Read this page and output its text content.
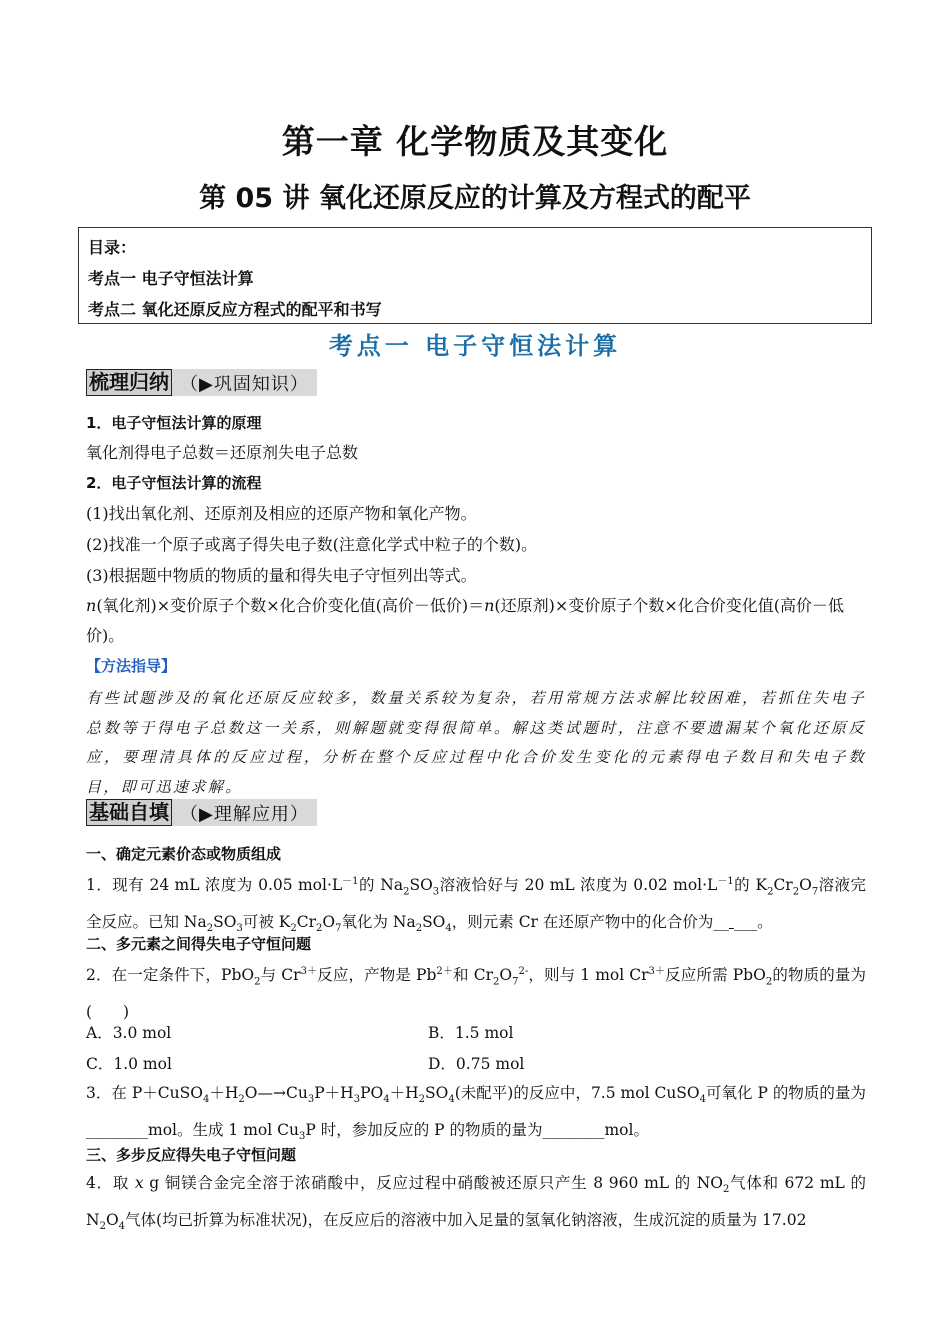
第一章 化学物质及其变化
第 05 讲 氧化还原反应的计算及方程式的配平
目录：
考点一 电子守恒法计算
考点二 氧化还原反应方程式的配平和书写
考点一 电子守恒法计算
梳理归纳 （▶巩固知识）
1．电子守恒法计算的原理
氧化剂得电子总数＝还原剂失电子总数
2．电子守恒法计算的流程
(1)找出氧化剂、还原剂及相应的还原产物和氧化产物。
(2)找准一个原子或离子得失电子数(注意化学式中粒子的个数)。
(3)根据题中物质的物质的量和得失电子守恒列出等式。
n(氧化剂)×变价原子个数×化合价变化值(高价－低价)＝n(还原剂)×变价原子个数×化合价变化值(高价－低
价)。
【方法指导】
有些试题涉及的氧化还原反应较多，数量关系较为复杂，若用常规方法求解比较困难，若抓住失电子总数等于得电子总数这一关系，则解题就变得很简单。解这类试题时，注意不要遗漏某个氧化还原反应，要理清具体的反应过程，分析在整个反应过程中化合价发生变化的元素得电子数目和失电子数目，即可迅速求解。
基础自填 （▶理解应用）
一、确定元素价态或物质组成
1．现有 24 mL 浓度为 0.05 $mol\cdot L^{-1}$的 $Na_2SO_3$溶液恰好与 20 mL 浓度为 0.02 $mol\cdot L^{-1}$的 $K_2Cr_2O_7$溶液完全反应。已知 $Na_2SO_3$可被 $K_2Cr_2O_7$氧化为 $Na_2SO_4$，则元素 Cr 在还原产物中的化合价为__ ___。
二、多元素之间得失电子守恒问题
2．在一定条件下，PbO$_2$与 $Cr^{3+}$反应，产物是 $Pb^{2+}$和 $Cr_2O_7^{2-}$，则与 1 mol $Cr^{3+}$反应所需 PbO$_2$的物质的量为(　　)
A．3.0 mol	B．1.5 mol
C．1.0 mol	D．0.75 mol
3．在 $P+CuSO_4+H_2O—\to Cu_3P+H_3PO_4+H_2SO_4$(未配平)的反应中，7.5 mol CuSO$_4$可氧化 P 的物质的量为________mol。生成 1 mol $Cu_3P$ 时，参加反应的 P 的物质的量为________mol。
三、多步反应得失电子守恒问题
4．取 x g 铜镁合金完全溶于浓硝酸中，反应过程中硝酸被还原只产生 8 960 mL 的 $NO_2$气体和 672 mL 的 $N_2O_4$气体(均已折算为标准状况)，在反应后的溶液中加入足量的氢氧化钠溶液，生成沉淀的质量为 17.02
